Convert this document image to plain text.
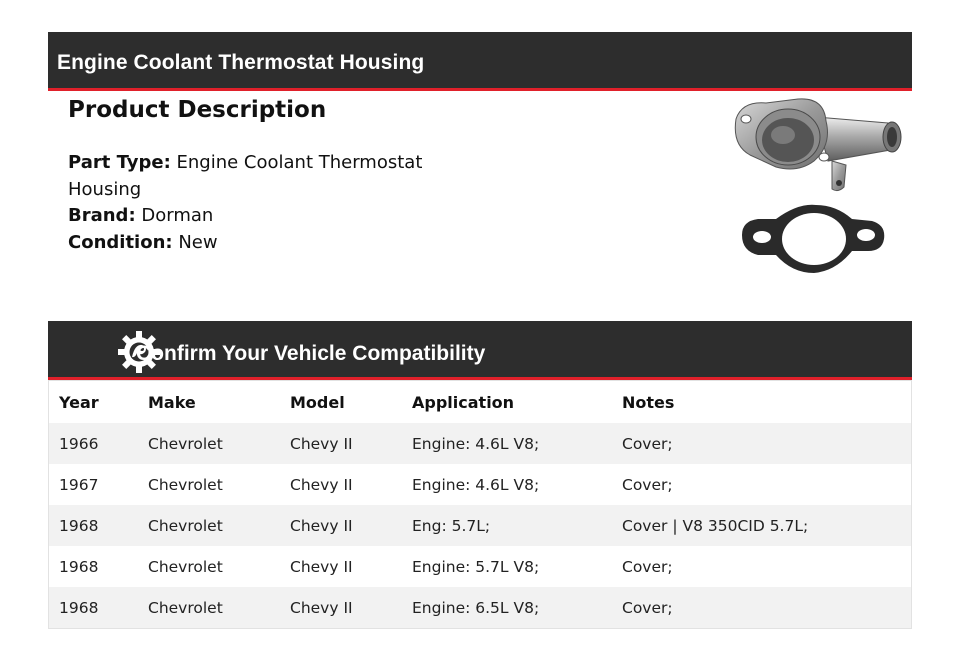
Engine Coolant Thermostat Housing
Product Description
Part Type: Engine Coolant Thermostat Housing
Brand: Dorman
Condition: New
Confirm Your Vehicle Compatibility
Year	Make	Model	Application	Notes
1966	Chevrolet	Chevy II	Engine: 4.6L V8;	Cover;
1967	Chevrolet	Chevy II	Engine: 4.6L V8;	Cover;
1968	Chevrolet	Chevy II	Eng: 5.7L;	Cover | V8 350CID 5.7L;
1968	Chevrolet	Chevy II	Engine: 5.7L V8;	Cover;
1968	Chevrolet	Chevy II	Engine: 6.5L V8;	Cover;
